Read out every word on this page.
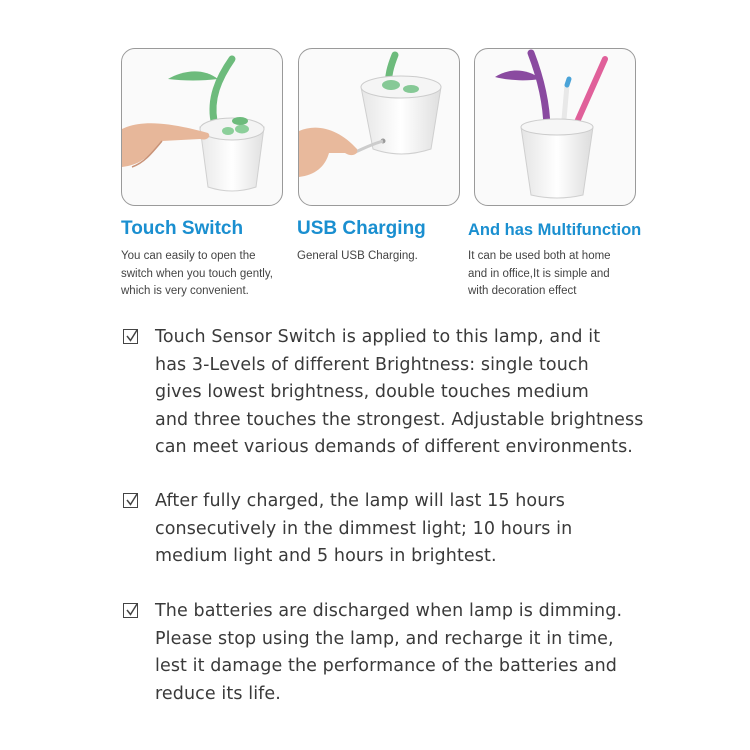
Touch Switch	USB Charging	And has Multifunction
You can easily to open the
switch when you touch gently,
which is very convenient.
General USB Charging.	It can be used both at home
and in office,It is simple and
with decoration effect
Touch Sensor Switch is applied to this lamp, and it
has 3-Levels of different Brightness: single touch
gives lowest brightness, double touches medium
and three touches the strongest. Adjustable brightness
can meet various demands of different environments.
After fully charged, the lamp will last 15 hours
consecutively in the dimmest light; 10 hours in
medium light and 5 hours in brightest.
The batteries are discharged when lamp is dimming.
Please stop using the lamp, and recharge it in time,
lest it damage the performance of the batteries and
reduce its life.
